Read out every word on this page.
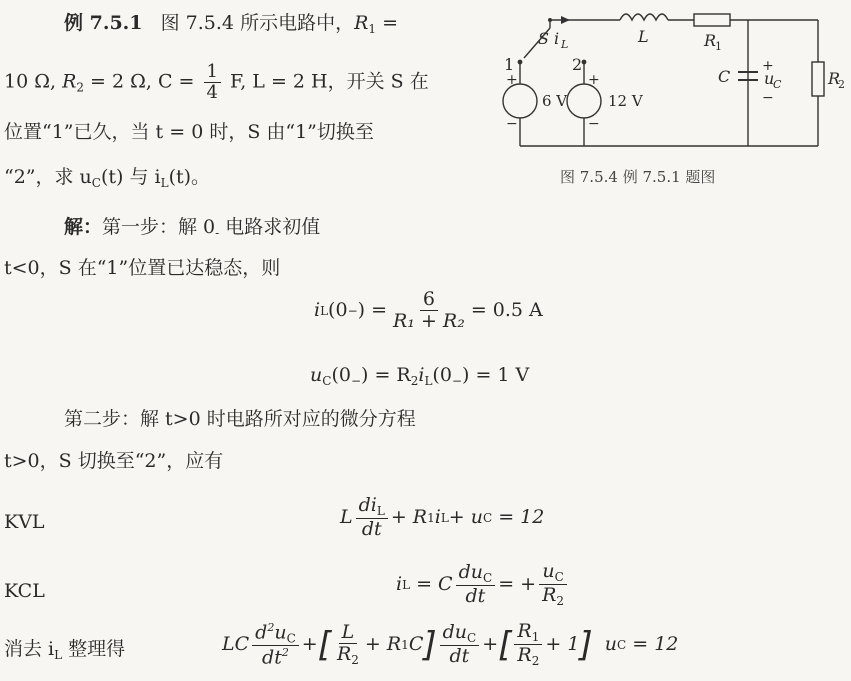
例 7.5.1 图 7.5.4 所示电路中，$R_1$ =
10 Ω, $R_2 = 2$ Ω, $C = \frac{1}{4} F$, L = 2 H，开关 S 在
位置“1”已久，当 t = 0 时，S 由“1”切换至
“2”，求 $u_C(t)$ 与 $i_L(t)$。
S
1	2
+
−
6 V
+
−
12 V
i L	L	R
1
C
+
u
C
−
R
2
图 7.5.4 例 7.5.1 题图
解：第一步：解 $0_-$ 电路求初值
t<0，S 在“1”位置已达稳态，则
i L (0 − ) = $\frac{6}{\text{R₁ + R₂}} = 0.5$ A
$u_C(0_-) = R_2i_L(0_-) = 1$ V
第二步：解 t>0 时电路所对应的微分方程
t>0，S 切换至“2”，应有
KVL
KCL
消去 $i_L$ 整理得
L $\frac{di_L}{dt} + R$ 1 i L + u C = 12
i L = C $\frac{du_C}{dt}$ = + $\frac{u_C}{R_2}$
LC $\frac{d^2u_C}{dt^2}$ + [ $\frac{L}{R_2} + R$ 1 C ] $\frac{du_C}{dt}$ + [ $\frac{R_1}{R_2} + 1$ ] u C = 12
